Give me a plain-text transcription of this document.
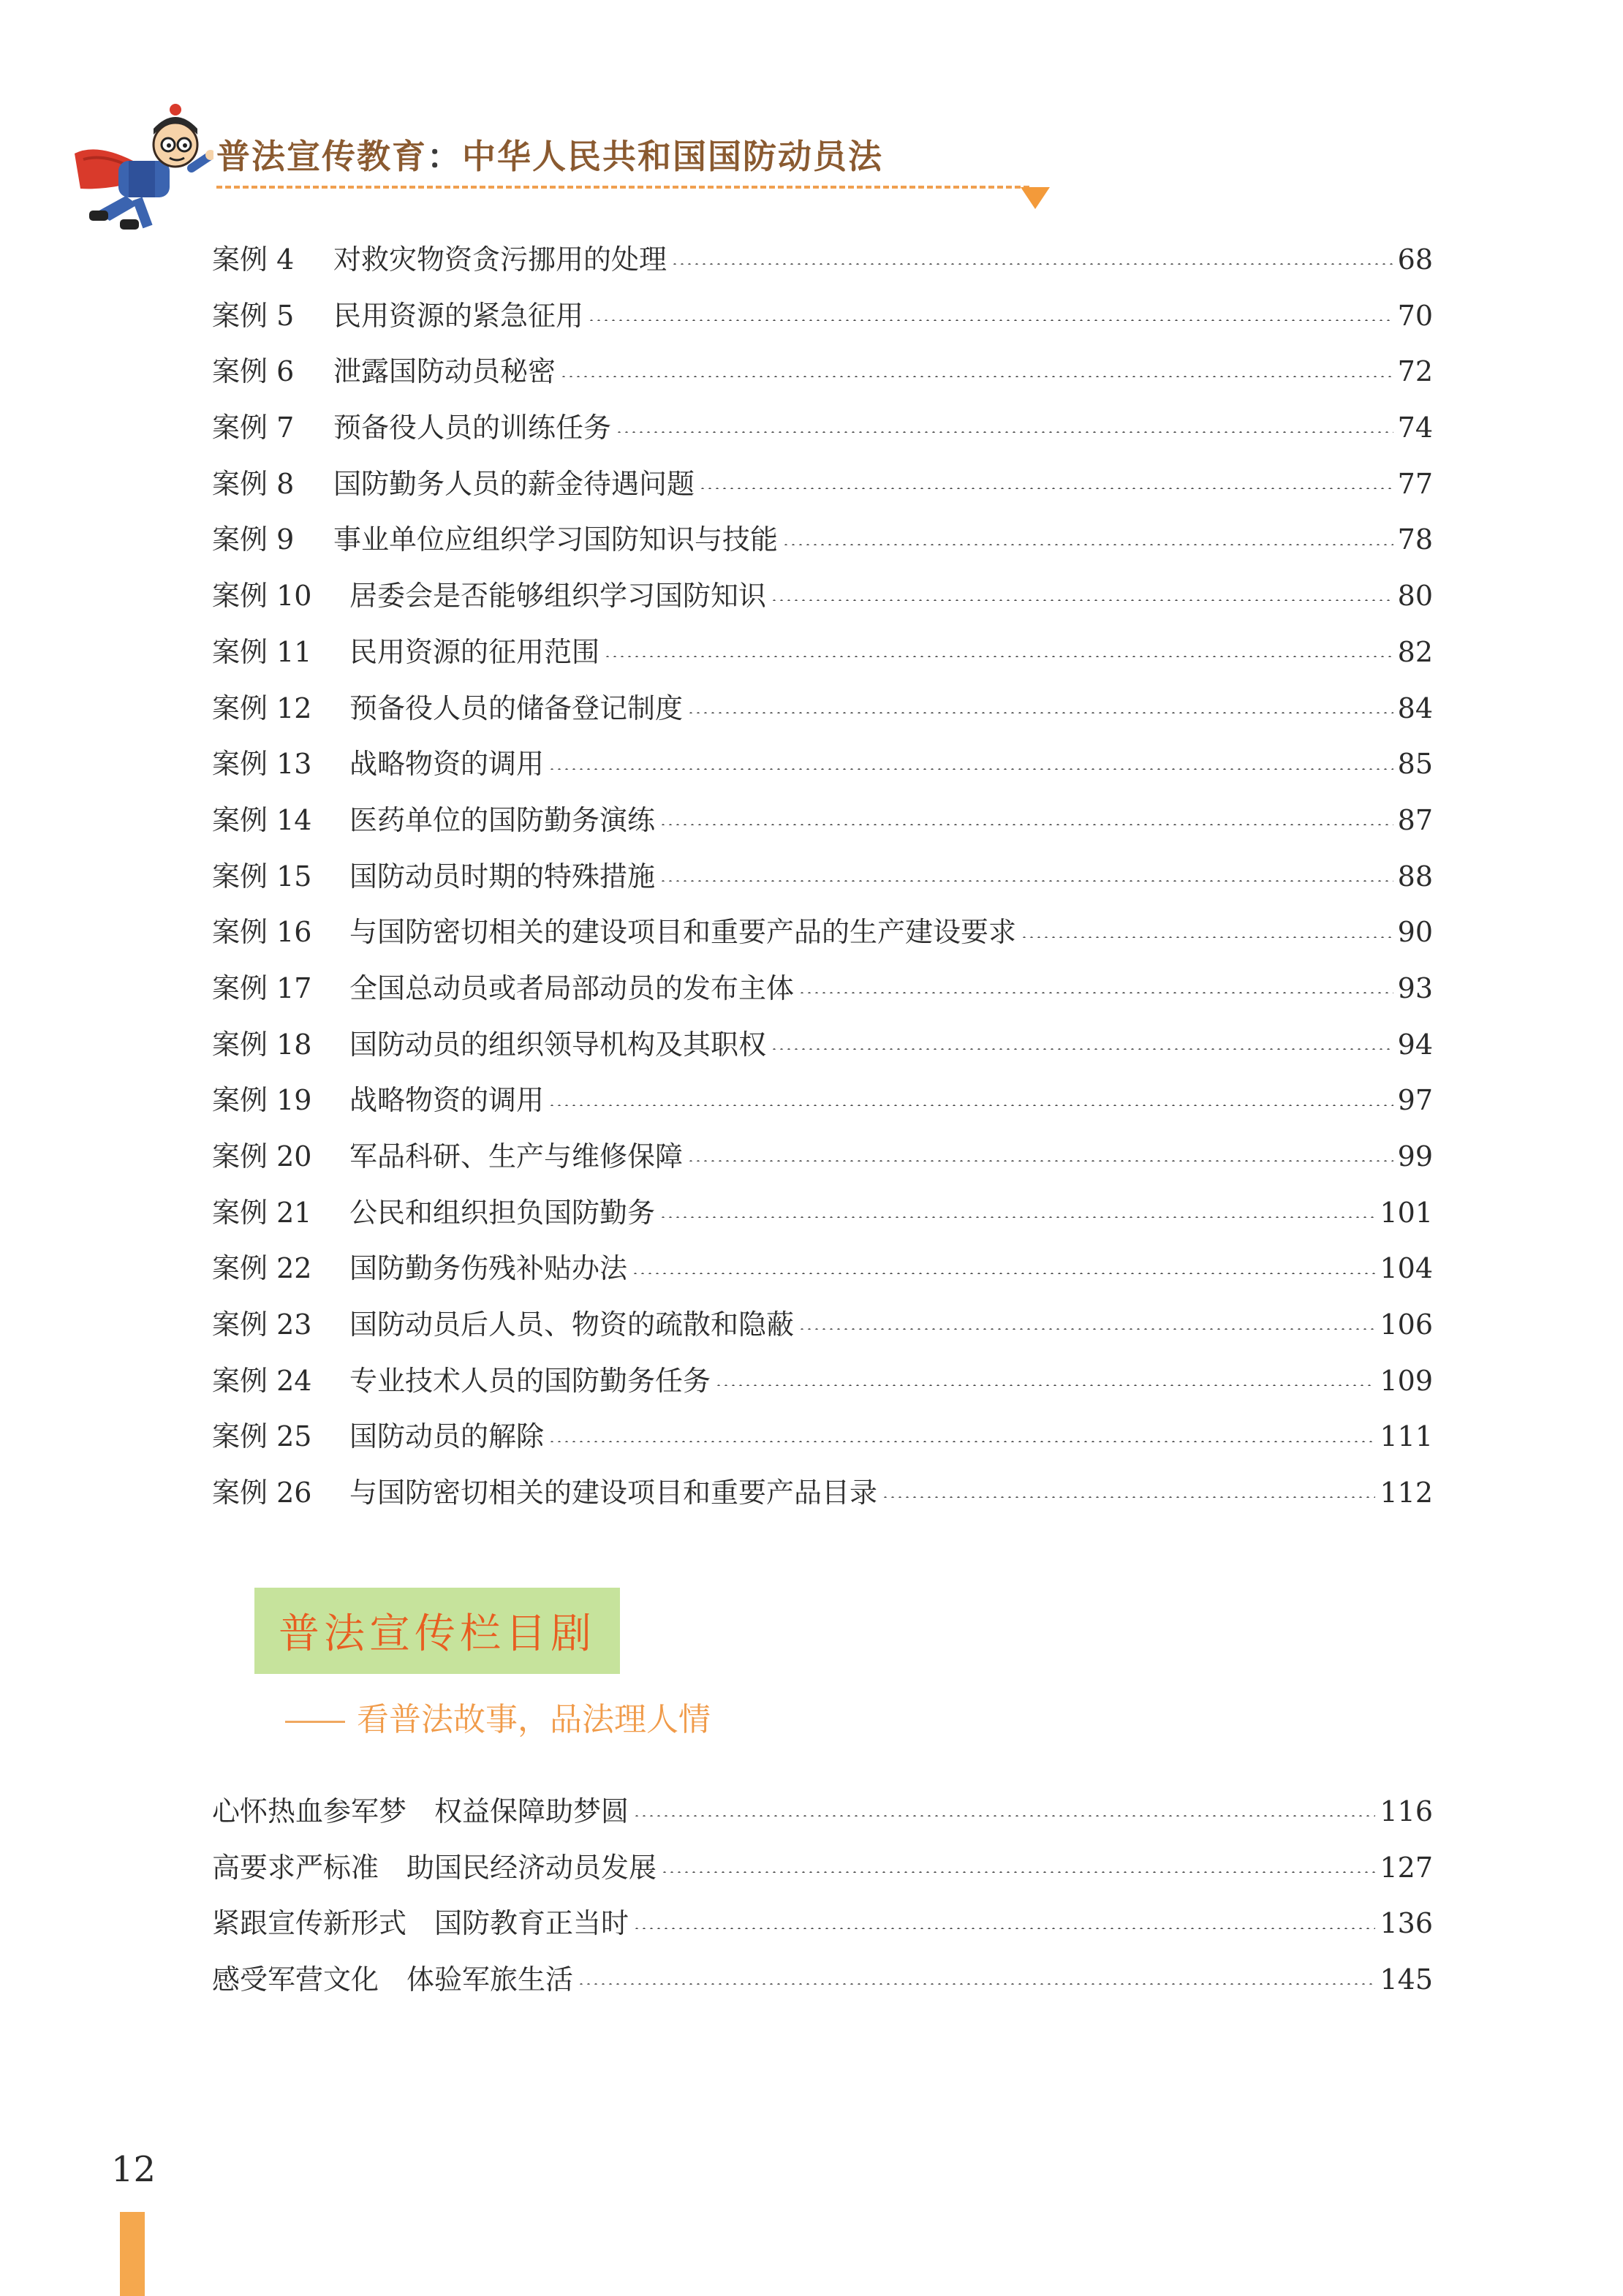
普法宣传教育：中华人民共和国国防动员法
案例 4	对救灾物资贪污挪用的处理	68
案例 5	民用资源的紧急征用	70
案例 6	泄露国防动员秘密	72
案例 7	预备役人员的训练任务	74
案例 8	国防勤务人员的薪金待遇问题	77
案例 9	事业单位应组织学习国防知识与技能	78
案例 10	居委会是否能够组织学习国防知识	80
案例 11	民用资源的征用范围	82
案例 12	预备役人员的储备登记制度	84
案例 13	战略物资的调用	85
案例 14	医药单位的国防勤务演练	87
案例 15	国防动员时期的特殊措施	88
案例 16	与国防密切相关的建设项目和重要产品的生产建设要求	90
案例 17	全国总动员或者局部动员的发布主体	93
案例 18	国防动员的组织领导机构及其职权	94
案例 19	战略物资的调用	97
案例 20	军品科研、生产与维修保障	99
案例 21	公民和组织担负国防勤务	101
案例 22	国防勤务伤残补贴办法	104
案例 23	国防动员后人员、物资的疏散和隐蔽	106
案例 24	专业技术人员的国防勤务任务	109
案例 25	国防动员的解除	111
案例 26	与国防密切相关的建设项目和重要产品目录	112
普法宣传栏目剧
看普法故事，品法理人情
心怀热血参军梦　权益保障助梦圆	116
高要求严标准　助国民经济动员发展	127
紧跟宣传新形式　国防教育正当时	136
感受军营文化　体验军旅生活	145
12
